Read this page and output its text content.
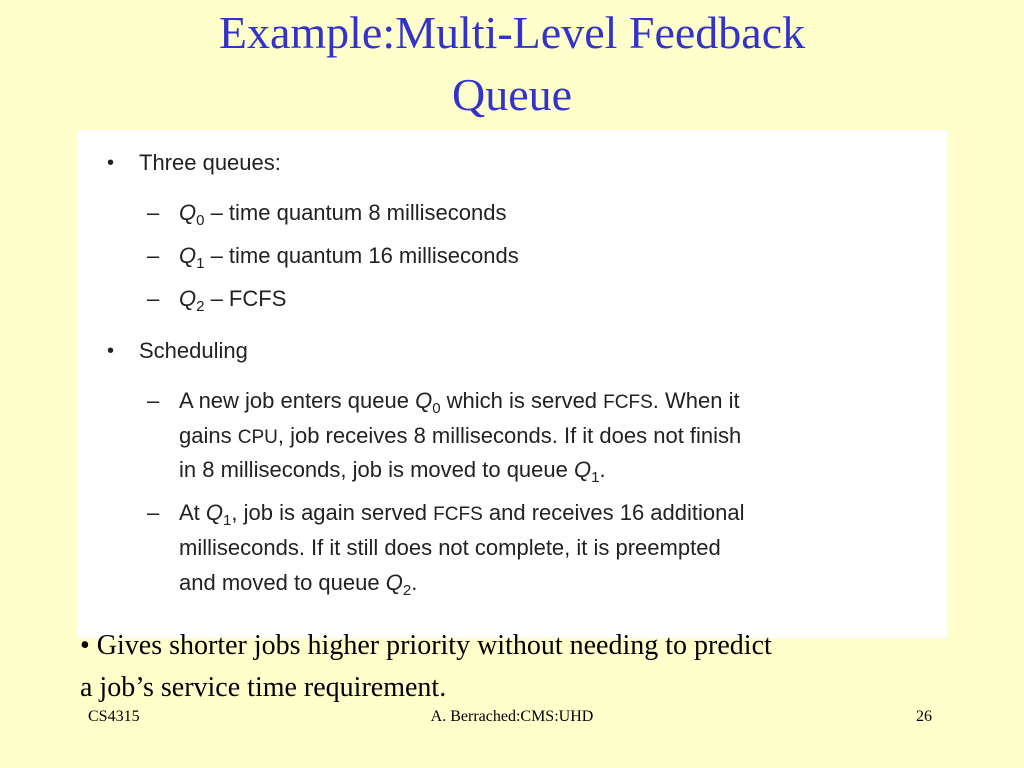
Example:Multi-Level Feedback
Queue
• Three queues:
– $Q_0$ – time quantum 8 milliseconds
– $Q_1$ – time quantum 16 milliseconds
– $Q_2$ – FCFS
• Scheduling
– A new job enters queue $Q_0$ which is served FCFS. When it
gains CPU, job receives 8 milliseconds. If it does not finish
in 8 milliseconds, job is moved to queue $Q_1$.
– At $Q_1$, job is again served FCFS and receives 16 additional
milliseconds. If it still does not complete, it is preempted
and moved to queue $Q_2$.
• Gives shorter jobs higher priority without needing to predict
a job’s service time requirement.
CS4315	A. Berrached:CMS:UHD	26
